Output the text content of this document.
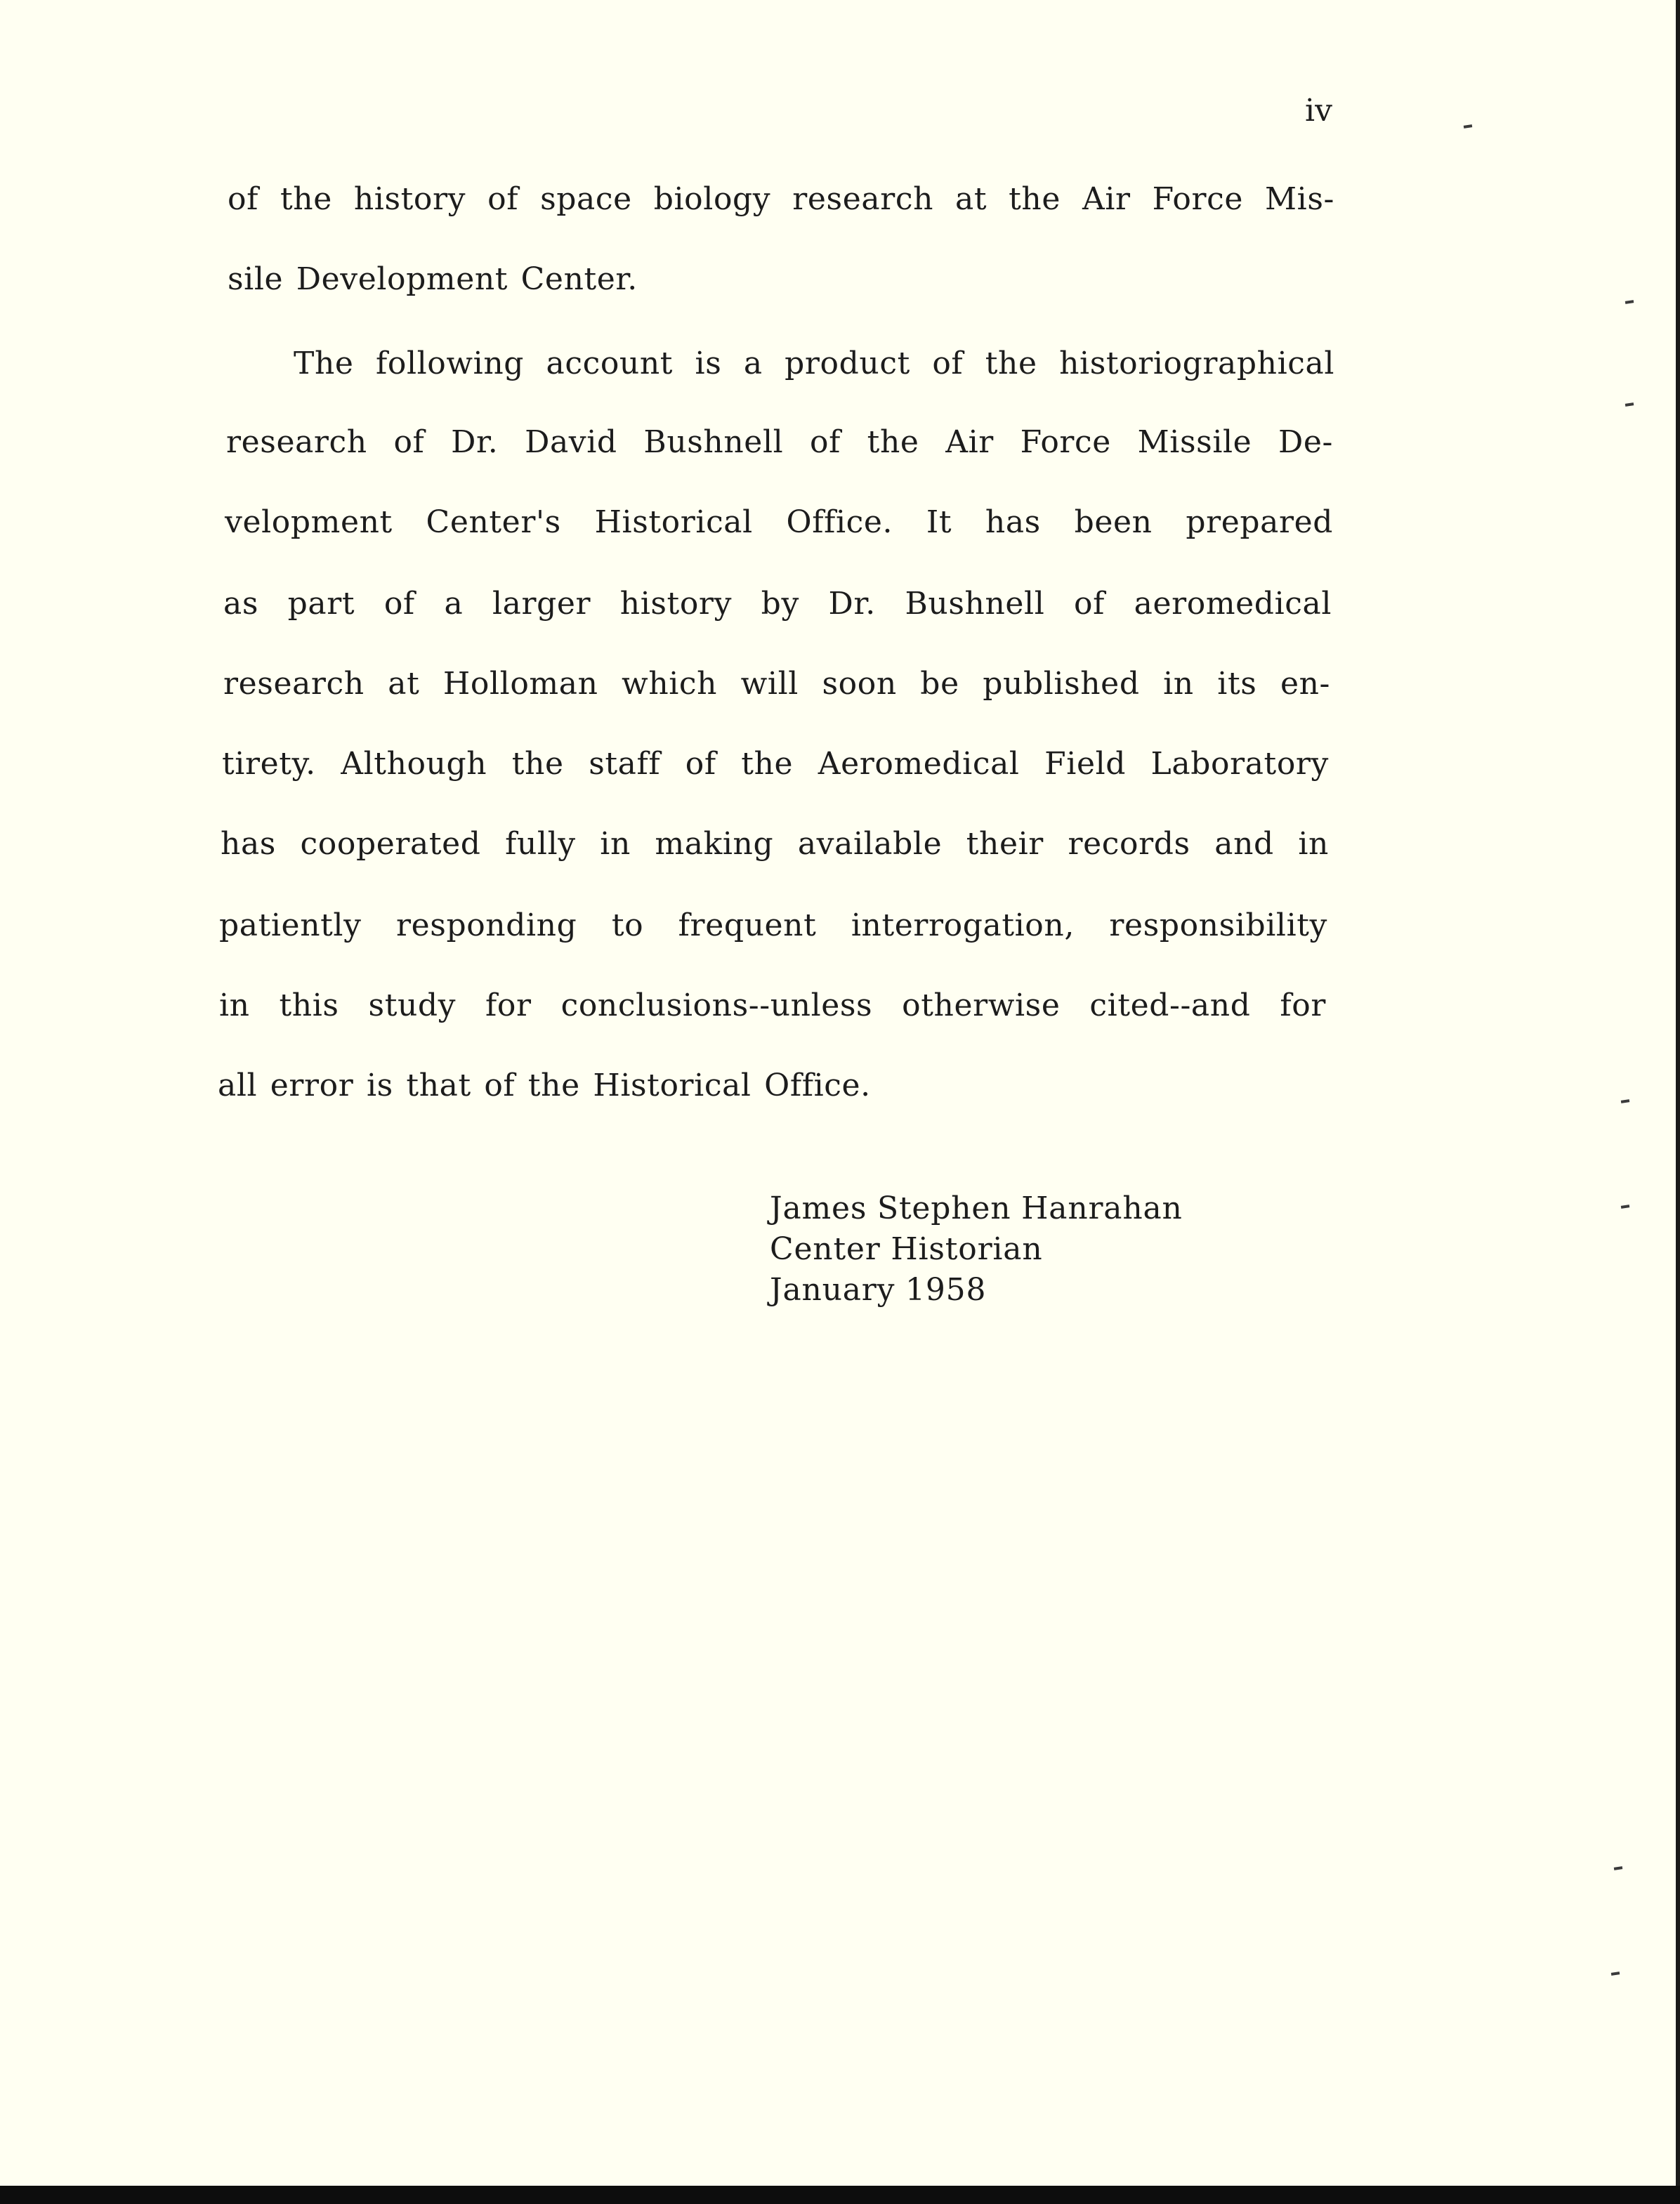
iv

of the history of space biology research at the Air Force Mis-

sile Development Center.

The following account is a product of the historiographical

research of Dr. David Bushnell of the Air Force Missile De-

velopment Center's Historical Office. It has been prepared

as part of a larger history by Dr. Bushnell of aeromedical

research at Holloman which will soon be published in its en-

tirety. Although the staff of the Aeromedical Field Laboratory

has cooperated fully in making available their records and in

patiently responding to frequent interrogation, responsibility

in this study for conclusions--unless otherwise cited--and for

all error is that of the Historical Office.

James Stephen Hanrahan
Center Historian
January 1958
